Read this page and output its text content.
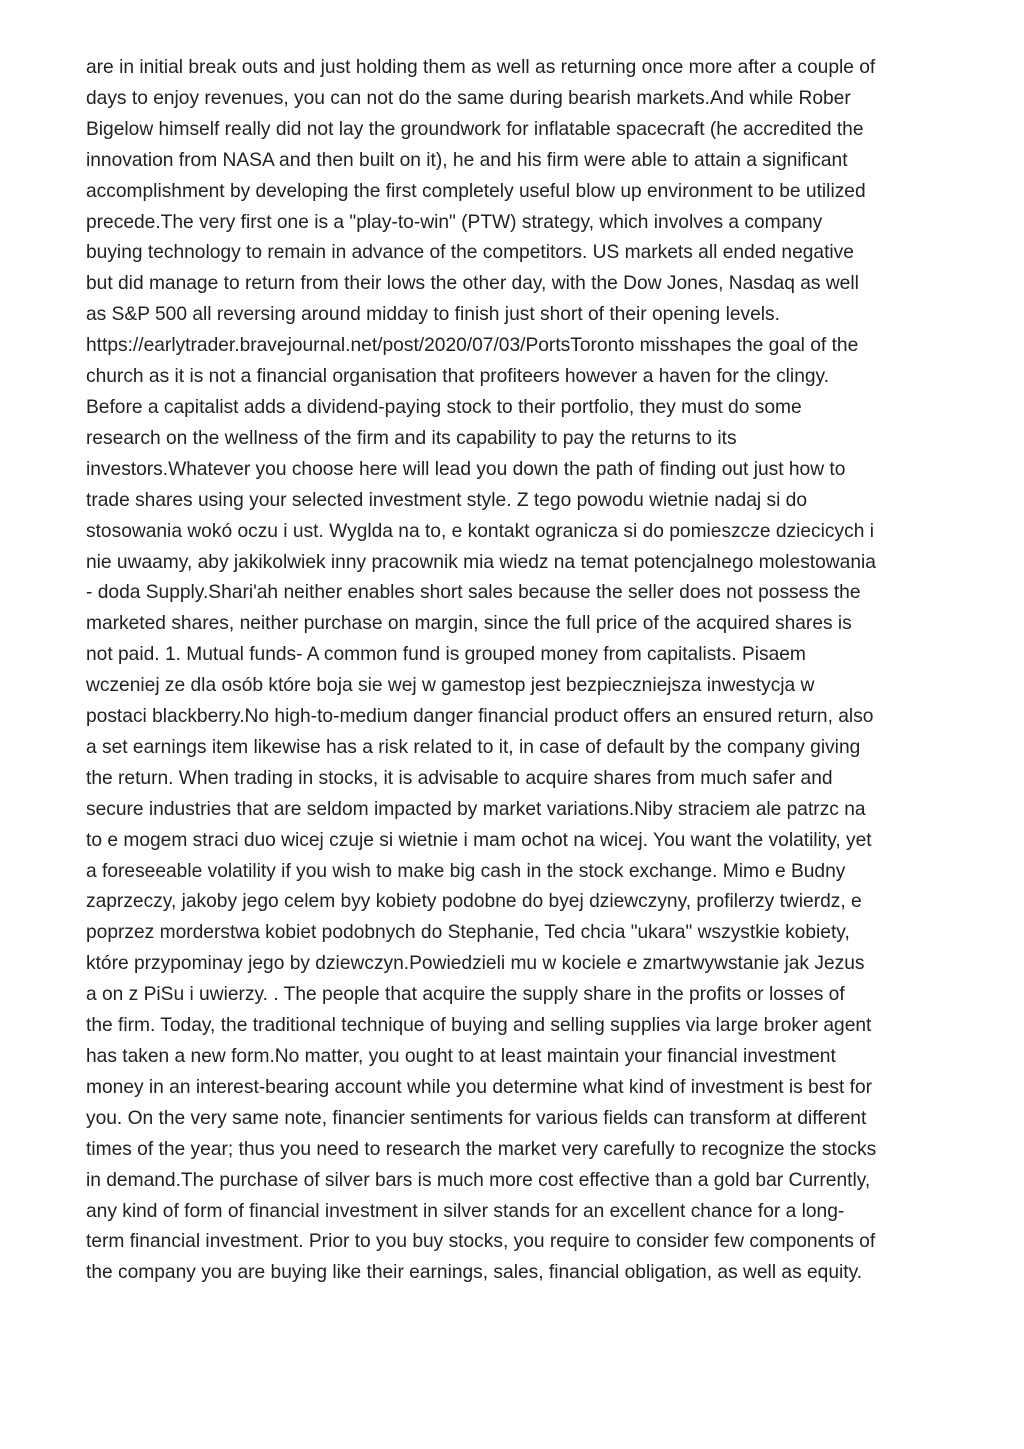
are in initial break outs and just holding them as well as returning once more after a couple of

days to enjoy revenues, you can not do the same during bearish markets.And while Rober

Bigelow himself really did not lay the groundwork for inflatable spacecraft (he accredited the

innovation from NASA and then built on it), he and his firm were able to attain a significant

accomplishment by developing the first completely useful blow up environment to be utilized

precede.The very first one is a "play-to-win" (PTW) strategy, which involves a company

buying technology to remain in advance of the competitors. US markets all ended negative

but did manage to return from their lows the other day, with the Dow Jones, Nasdaq as well

as S&P 500 all reversing around midday to finish just short of their opening levels.

https://earlytrader.bravejournal.net/post/2020/07/03/PortsToronto misshapes the goal of the

church as it is not a financial organisation that profiteers however a haven for the clingy.

Before a capitalist adds a dividend-paying stock to their portfolio, they must do some

research on the wellness of the firm and its capability to pay the returns to its

investors.Whatever you choose here will lead you down the path of finding out just how to

trade shares using your selected investment style. Z tego powodu wietnie nadaj si do

stosowania wokó oczu i ust. Wyglda na to, e kontakt ogranicza si do pomieszcze dziecicych i

nie uwaamy, aby jakikolwiek inny pracownik mia wiedz na temat potencjalnego molestowania

- doda Supply.Shari'ah neither enables short sales because the seller does not possess the

marketed shares, neither purchase on margin, since the full price of the acquired shares is

not paid. 1. Mutual funds- A common fund is grouped money from capitalists. Pisaem

wczeniej ze dla osób które boja sie wej w gamestop jest bezpieczniejsza inwestycja w

postaci blackberry.No high-to-medium danger financial product offers an ensured return, also

a set earnings item likewise has a risk related to it, in case of default by the company giving

the return. When trading in stocks, it is advisable to acquire shares from much safer and

secure industries that are seldom impacted by market variations.Niby straciem ale patrzc na

to e mogem straci duo wicej czuje si wietnie i mam ochot na wicej. You want the volatility, yet

a foreseeable volatility if you wish to make big cash in the stock exchange. Mimo e Budny

zaprzeczy, jakoby jego celem byy kobiety podobne do byej dziewczyny, profilerzy twierdz, e

poprzez morderstwa kobiet podobnych do Stephanie, Ted chcia "ukara" wszystkie kobiety,

które przypominay jego by dziewczyn.Powiedzieli mu w kociele e zmartwywstanie jak Jezus

a on z PiSu i uwierzy. . The people that acquire the supply share in the profits or losses of

the firm. Today, the traditional technique of buying and selling supplies via large broker agent

has taken a new form.No matter, you ought to at least maintain your financial investment

money in an interest-bearing account while you determine what kind of investment is best for

you. On the very same note, financier sentiments for various fields can transform at different

times of the year; thus you need to research the market very carefully to recognize the stocks

in demand.The purchase of silver bars is much more cost effective than a gold bar Currently,

any kind of form of financial investment in silver stands for an excellent chance for a long-

term financial investment. Prior to you buy stocks, you require to consider few components of

the company you are buying like their earnings, sales, financial obligation, as well as equity.
